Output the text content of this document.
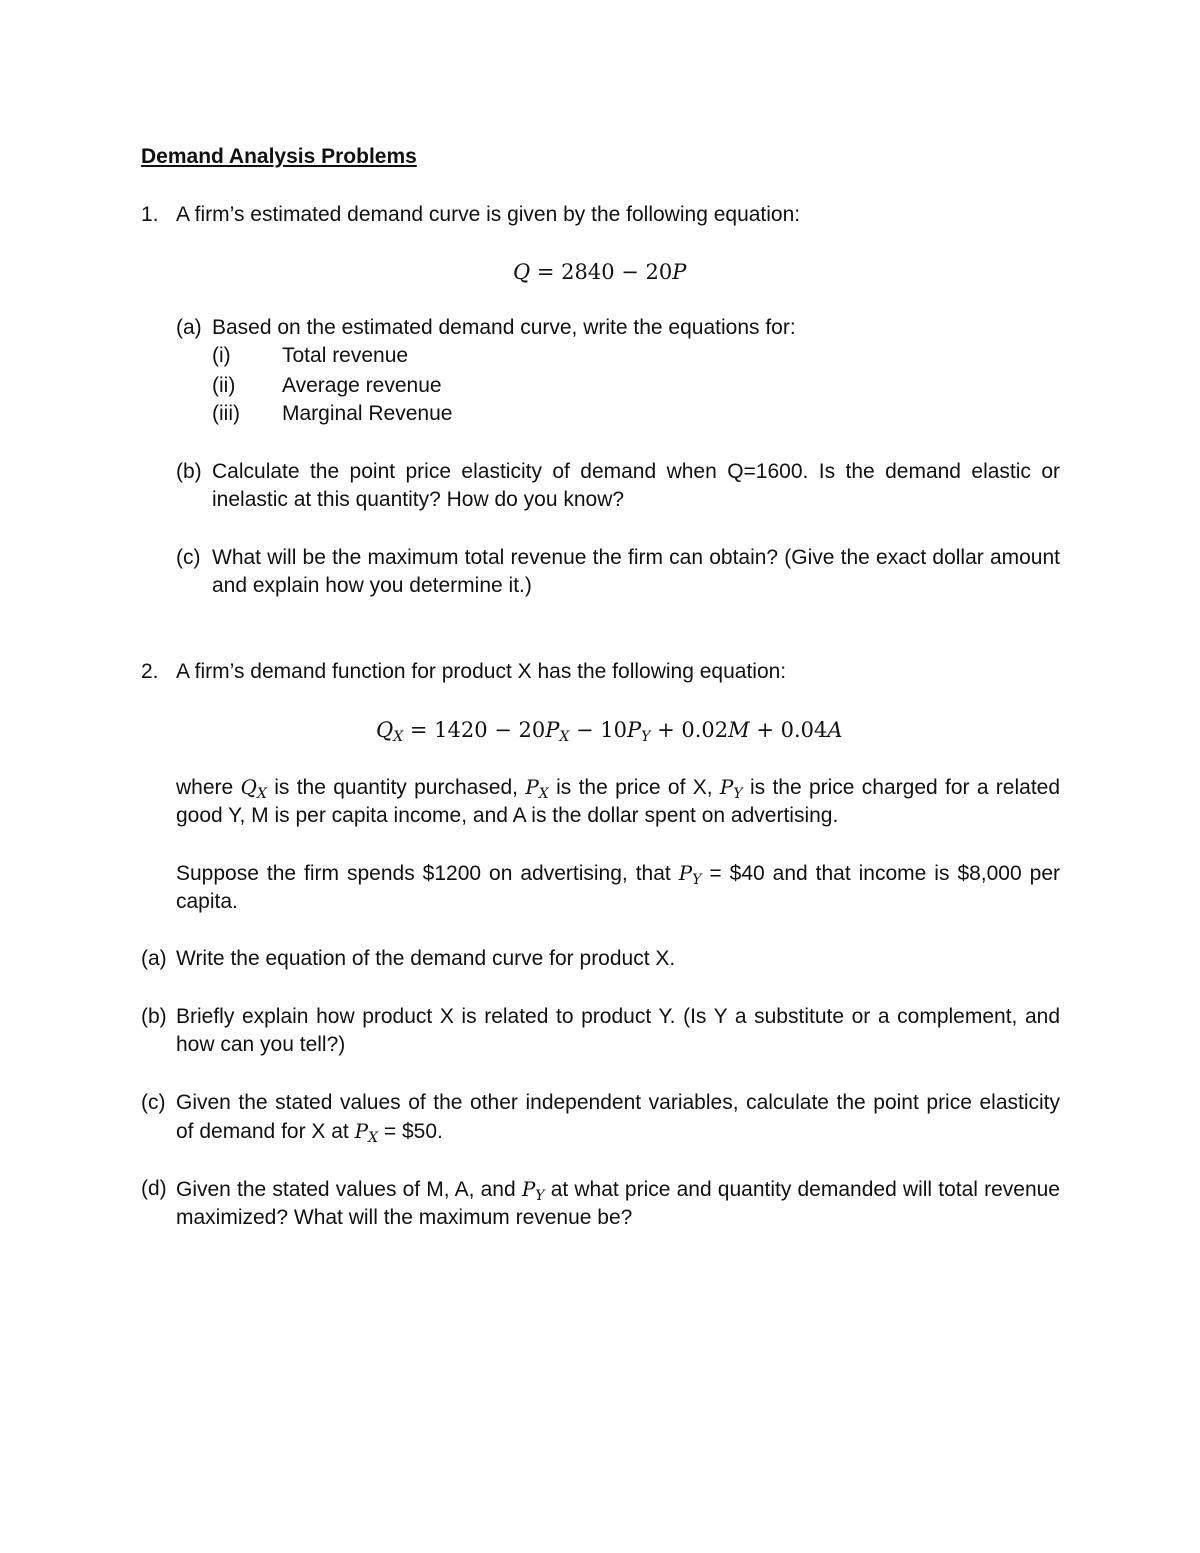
Demand Analysis Problems
1. A firm’s estimated demand curve is given by the following equation:
Q = 2840 − 20P
(a) Based on the estimated demand curve, write the equations for:
(i) Total revenue
(ii) Average revenue
(iii) Marginal Revenue
(b) Calculate the point price elasticity of demand when Q=1600. Is the demand elastic or inelastic at this quantity? How do you know?
(c) What will be the maximum total revenue the firm can obtain? (Give the exact dollar amount and explain how you determine it.)
2. A firm’s demand function for product X has the following equation:
$Q_X = 1420 - 20P_X - 10P_Y + 0.02M + 0.04A$
where $Q_X$ is the quantity purchased, $P_X$ is the price of X, $P_Y$ is the price charged for a related good Y, M is per capita income, and A is the dollar spent on advertising.
Suppose the firm spends $1200 on advertising, that $P_Y$ = $40 and that income is $8,000 per capita.
(a) Write the equation of the demand curve for product X.
(b) Briefly explain how product X is related to product Y. (Is Y a substitute or a complement, and how can you tell?)
(c) Given the stated values of the other independent variables, calculate the point price elasticity of demand for X at $P_X$ = $50.
(d) Given the stated values of M, A, and $P_Y$ at what price and quantity demanded will total revenue maximized? What will the maximum revenue be?
